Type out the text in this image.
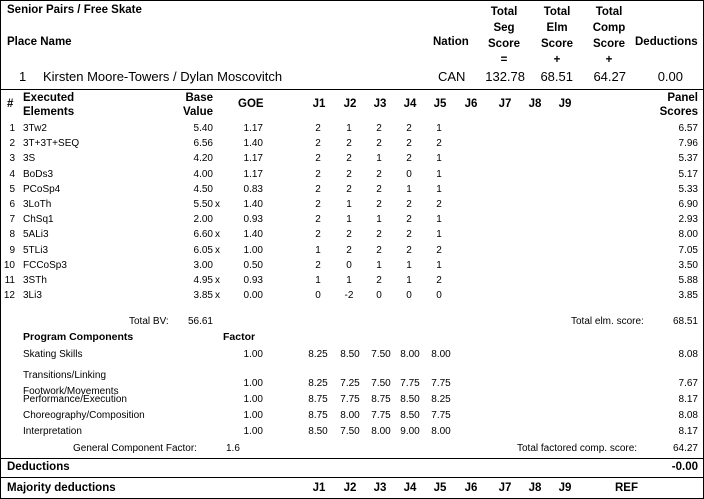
Senior Pairs / Free Skate
Place Name	Nation
Total
Seg
Score
=
Total
Elm
Score
+
Total
Comp
Score
+
Deductions
1 Kirsten Moore-Towers / Dylan Moscovitch	CAN	132.78	68.51	64.27	0.00
# Executed
Elements
Base
Value
GOE	J1	J2	J3	J4	J5	J6	J7	J8	J9	Panel
Scores
1 3Tw2	5.40	1.17	2	1	2	2	1	6.57
2 3T+3T+SEQ	6.56	1.40	2	2	2	2	2	7.96
3 3S	4.20	1.17	2	2	1	2	1	5.37
4 BoDs3	4.00	1.17	2	2	2	0	1	5.17
5 PCoSp4	4.50	0.83	2	2	2	1	1	5.33
6 3LoTh	5.50 x	1.40	2	1	2	2	2	6.90
7 ChSq1	2.00	0.93	2	1	1	2	1	2.93
8 5ALi3	6.60 x	1.40	2	2	2	2	1	8.00
9 5TLi3	6.05 x	1.00	1	2	2	2	2	7.05
10 FCCoSp3	3.00	0.50	2	0	1	1	1	3.50
11 3STh	4.95 x	0.93	1	1	2	1	2	5.88
12 3Li3	3.85 x	0.00	0	-2	0	0	0	3.85
Total BV:	56.61	Total elm. score:	68.51
Program Components	Factor
Skating Skills	1.00	8.25	8.50	7.50 8.00	8.00	8.08
Transitions/Linking
Footwork/Movements
1.00	8.25	7.25	7.50 7.75	7.75	7.67
Performance/Execution	1.00	8.75	7.75	8.75 8.50	8.25	8.17
Choreography/Composition	1.00	8.75	8.00	7.75 8.50	7.75	8.08
Interpretation	1.00	8.50	7.50	8.00 9.00	8.00	8.17
General Component Factor:	1.6	Total factored comp. score:	64.27
Deductions	-0.00
Majority deductions	J1	J2	J3	J4	J5	J6	J7	J8	J9	REF
